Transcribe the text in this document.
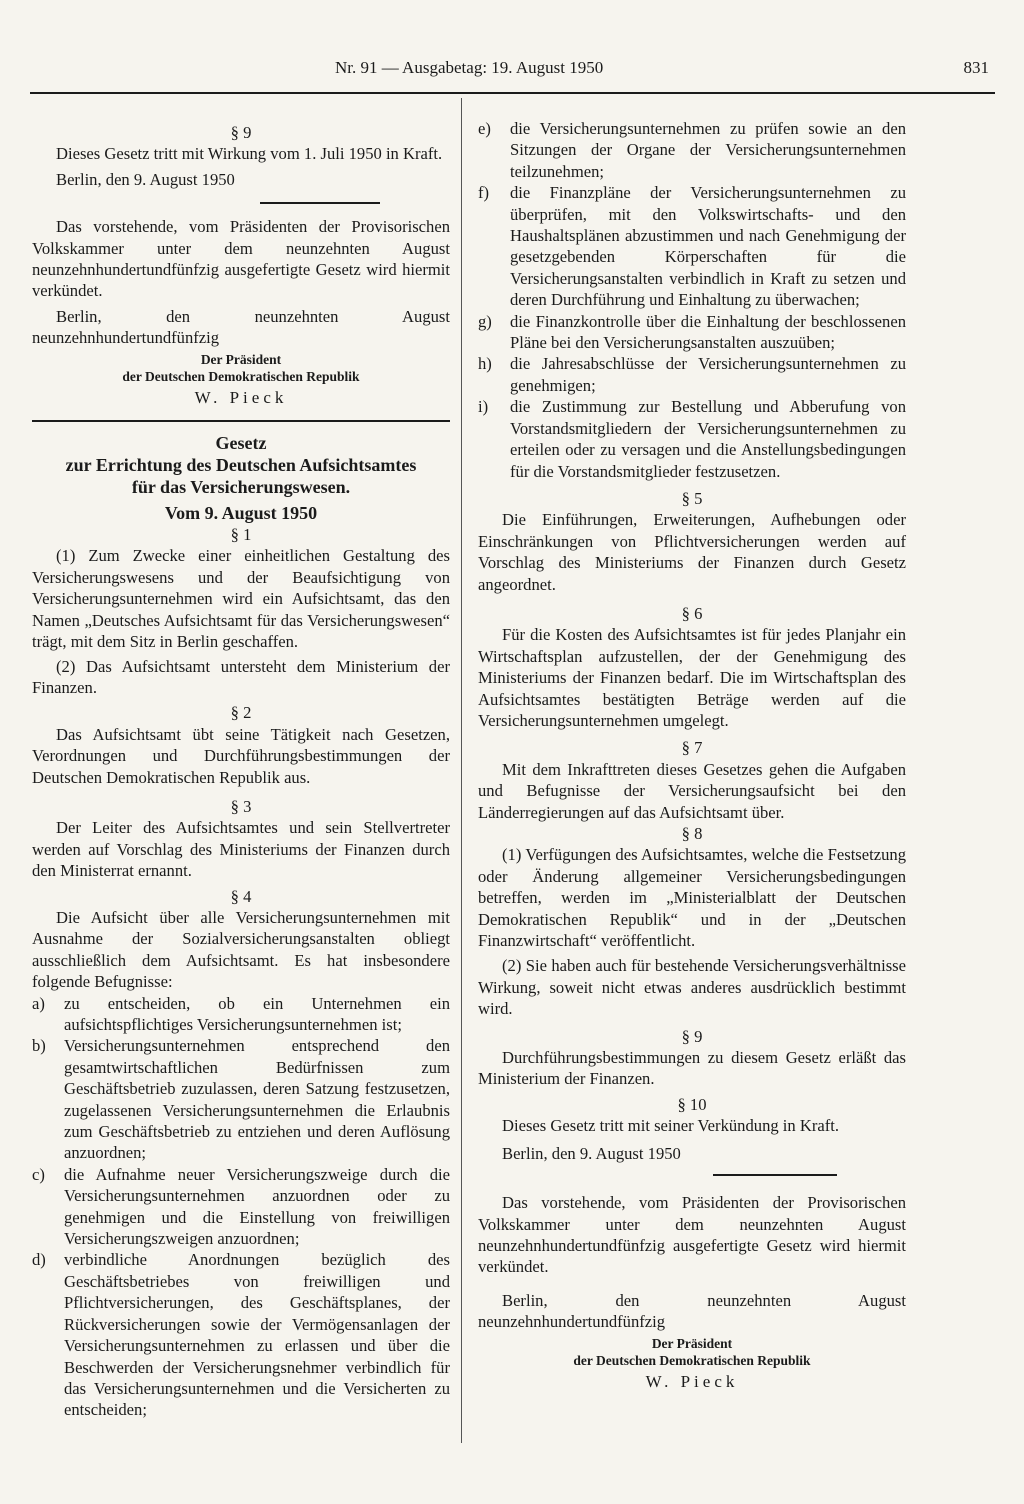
Nr. 91 — Ausgabetag: 19. August 1950	831
§ 9

Dieses Gesetz tritt mit Wirkung vom 1. Juli 1950 in Kraft.

Berlin, den 9. August 1950

Das vorstehende, vom Präsidenten der Provisorischen Volkskammer unter dem neunzehnten August neunzehnhundertundfünfzig ausgefertigte Gesetz wird hiermit verkündet.

Berlin, den neunzehnten August neunzehnhundertundfünfzig

Der Präsident
der Deutschen Demokratischen Republik
W. Pieck
Gesetz
zur Errichtung des Deutschen Aufsichtsamtes
für das Versicherungswesen.
Vom 9. August 1950
§ 1

(1) Zum Zwecke einer einheitlichen Gestaltung des Versicherungswesens und der Beaufsichtigung von Versicherungsunternehmen wird ein Aufsichtsamt, das den Namen „Deutsches Aufsichtsamt für das Versicherungswesen“ trägt, mit dem Sitz in Berlin geschaffen.

(2) Das Aufsichtsamt untersteht dem Ministerium der Finanzen.

§ 2

Das Aufsichtsamt übt seine Tätigkeit nach Gesetzen, Verordnungen und Durchführungsbestimmungen der Deutschen Demokratischen Republik aus.

§ 3

Der Leiter des Aufsichtsamtes und sein Stellvertreter werden auf Vorschlag des Ministeriums der Finanzen durch den Ministerrat ernannt.

§ 4

Die Aufsicht über alle Versicherungsunternehmen mit Ausnahme der Sozialversicherungsanstalten obliegt ausschließlich dem Aufsichtsamt. Es hat insbesondere folgende Befugnisse:

a)	zu entscheiden, ob ein Unternehmen ein aufsichtspflichtiges Versicherungsunternehmen ist;
b)	Versicherungsunternehmen entsprechend den gesamtwirtschaftlichen Bedürfnissen zum Geschäftsbetrieb zuzulassen, deren Satzung festzusetzen, zugelassenen Versicherungsunternehmen die Erlaubnis zum Geschäftsbetrieb zu entziehen und deren Auflösung anzuordnen;
c)	die Aufnahme neuer Versicherungszweige durch die Versicherungsunternehmen anzuordnen oder zu genehmigen und die Einstellung von freiwilligen Versicherungszweigen anzuordnen;
d)	verbindliche Anordnungen bezüglich des Geschäftsbetriebes von freiwilligen und Pflichtversicherungen, des Geschäftsplanes, der Rückversicherungen sowie der Vermögensanlagen der Versicherungsunternehmen zu erlassen und über die Beschwerden der Versicherungsnehmer verbindlich für das Versicherungsunternehmen und die Versicherten zu entscheiden;
e)	die Versicherungsunternehmen zu prüfen sowie an den Sitzungen der Organe der Versicherungsunternehmen teilzunehmen;
f)	die Finanzpläne der Versicherungsunternehmen zu überprüfen, mit den Volkswirtschafts- und den Haushaltsplänen abzustimmen und nach Genehmigung der gesetzgebenden Körperschaften für die Versicherungsanstalten verbindlich in Kraft zu setzen und deren Durchführung und Einhaltung zu überwachen;
g)	die Finanzkontrolle über die Einhaltung der beschlossenen Pläne bei den Versicherungsanstalten auszuüben;
h)	die Jahresabschlüsse der Versicherungsunternehmen zu genehmigen;
i)	die Zustimmung zur Bestellung und Abberufung von Vorstandsmitgliedern der Versicherungsunternehmen zu erteilen oder zu versagen und die Anstellungsbedingungen für die Vorstandsmitglieder festzusetzen.
§ 5

Die Einführungen, Erweiterungen, Aufhebungen oder Einschränkungen von Pflichtversicherungen werden auf Vorschlag des Ministeriums der Finanzen durch Gesetz angeordnet.

§ 6

Für die Kosten des Aufsichtsamtes ist für jedes Planjahr ein Wirtschaftsplan aufzustellen, der der Genehmigung des Ministeriums der Finanzen bedarf. Die im Wirtschaftsplan des Aufsichtsamtes bestätigten Beträge werden auf die Versicherungsunternehmen umgelegt.

§ 7

Mit dem Inkrafttreten dieses Gesetzes gehen die Aufgaben und Befugnisse der Versicherungsaufsicht bei den Länderregierungen auf das Aufsichtsamt über.

§ 8

(1) Verfügungen des Aufsichtsamtes, welche die Festsetzung oder Änderung allgemeiner Versicherungsbedingungen betreffen, werden im „Ministerialblatt der Deutschen Demokratischen Republik“ und in der „Deutschen Finanzwirtschaft“ veröffentlicht.

(2) Sie haben auch für bestehende Versicherungsverhältnisse Wirkung, soweit nicht etwas anderes ausdrücklich bestimmt wird.

§ 9

Durchführungsbestimmungen zu diesem Gesetz erläßt das Ministerium der Finanzen.

§ 10

Dieses Gesetz tritt mit seiner Verkündung in Kraft.

Berlin, den 9. August 1950

Das vorstehende, vom Präsidenten der Provisorischen Volkskammer unter dem neunzehnten August neunzehnhundertundfünfzig ausgefertigte Gesetz wird hiermit verkündet.

Berlin, den neunzehnten August neunzehnhundertundfünfzig

Der Präsident
der Deutschen Demokratischen Republik
W. Pieck
